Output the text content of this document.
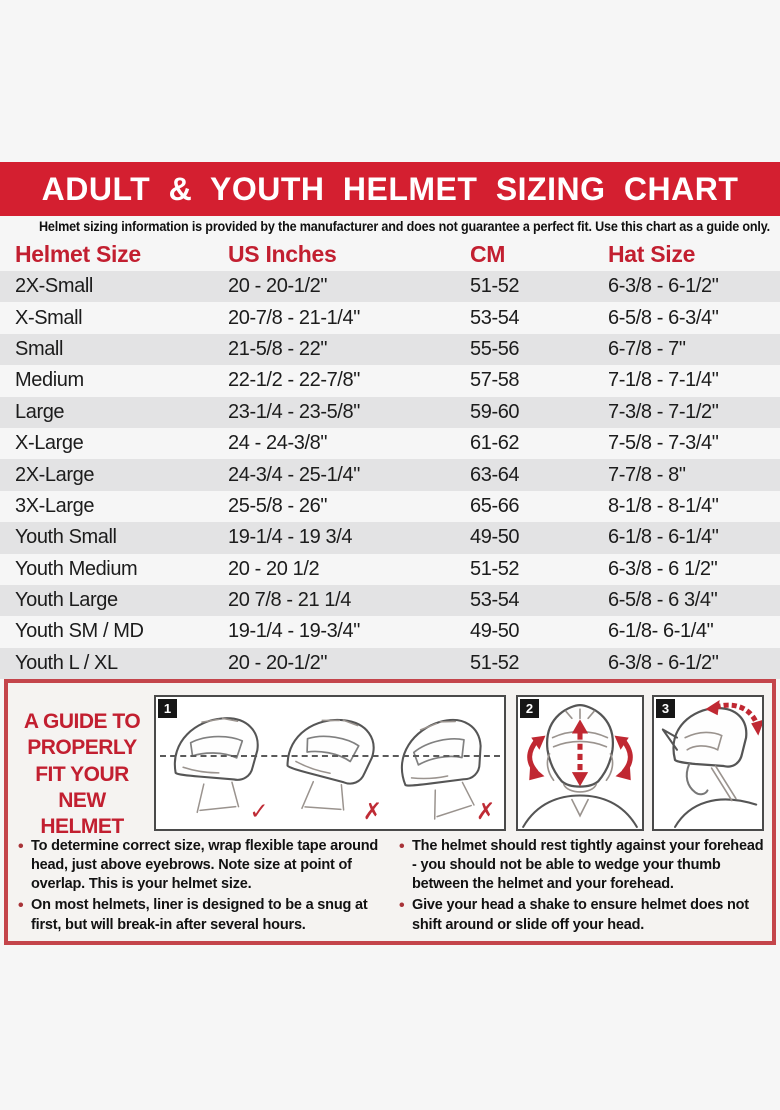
ADULT & YOUTH HELMET SIZING CHART
Helmet sizing information is provided by the manufacturer and does not guarantee a perfect fit. Use this chart as a guide only.
Helmet Size	US Inches	CM	Hat Size
2X-Small	20 - 20-1/2"	51-52	6-3/8 - 6-1/2"
X-Small	20-7/8 - 21-1/4"	53-54	6-5/8 - 6-3/4"
Small	21-5/8 - 22"	55-56	6-7/8 - 7"
Medium	22-1/2 - 22-7/8"	57-58	7-1/8 - 7-1/4"
Large	23-1/4 - 23-5/8"	59-60	7-3/8 - 7-1/2"
X-Large	24 - 24-3/8"	61-62	7-5/8 - 7-3/4"
2X-Large	24-3/4 - 25-1/4"	63-64	7-7/8 - 8"
3X-Large	25-5/8 - 26"	65-66	8-1/8 - 8-1/4"
Youth Small	19-1/4 - 19 3/4	49-50	6-1/8 - 6-1/4"
Youth Medium	20 - 20 1/2	51-52	6-3/8 - 6 1/2"
Youth Large	20 7/8 - 21 1/4	53-54	6-5/8 - 6 3/4"
Youth SM / MD	19-1/4 - 19-3/4"	49-50	6-1/8- 6-1/4"
Youth L / XL	20 - 20-1/2"	51-52	6-3/8 - 6-1/2"
A GUIDE TO
PROPERLY
FIT YOUR
NEW HELMET
1
✓	✗	✗
2	3
• To determine correct size, wrap flexible tape around head, just above eyebrows. Note size at point of overlap. This is your helmet size.
• On most helmets, liner is designed to be a snug at first, but will break-in after several hours.
• The helmet should rest tightly against your forehead - you should not be able to wedge your thumb between the helmet and your forehead.
• Give your head a shake to ensure helmet does not shift around or slide off your head.
